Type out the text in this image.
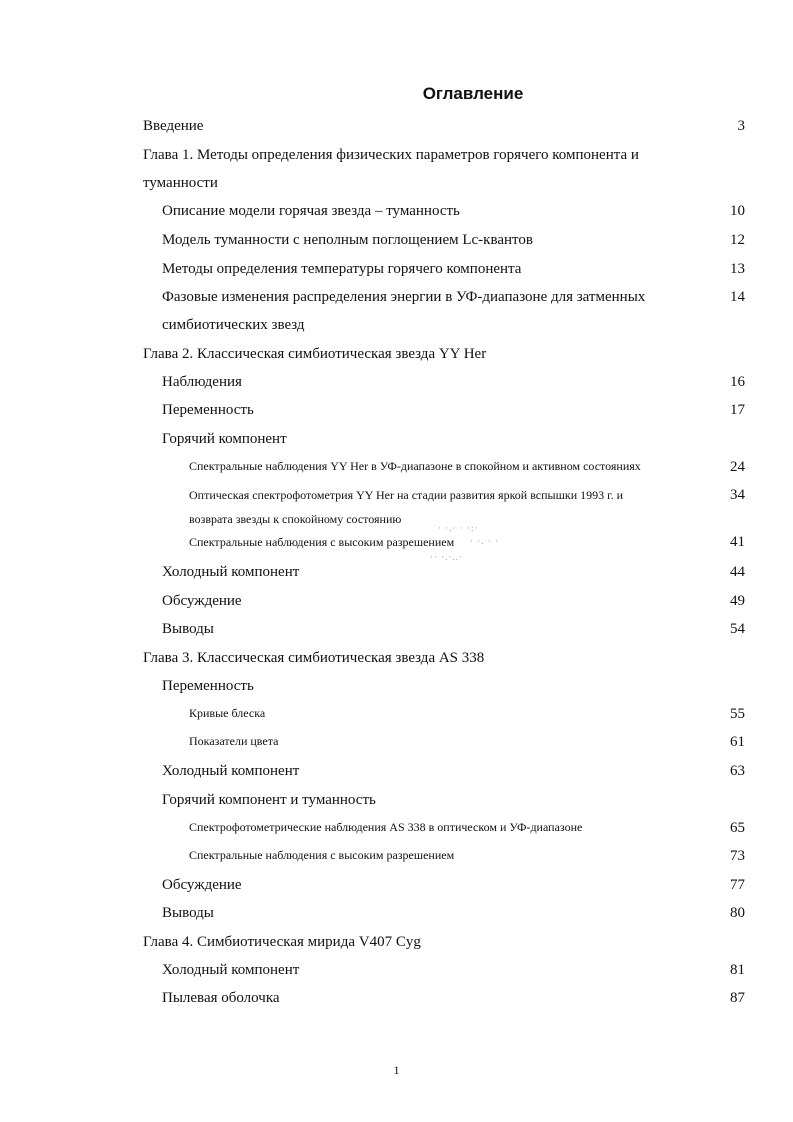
Оглавление
Введение	3
Глава 1. Методы определения физических параметров горячего компонента и
туманности
Описание модели горячая звезда – туманность	10
Модель туманности с неполным поглощением Lc-квантов	12
Методы определения температуры горячего компонента	13
Фазовые изменения распределения энергии в УФ-диапазоне для затменных	14
симбиотических звезд
Глава 2. Классическая симбиотическая звезда YY Her
Наблюдения	16
Переменность	17
Горячий компонент
Спектральные наблюдения YY Her в УФ-диапазоне в спокойном и активном состояниях	24
Оптическая спектрофотометрия YY Her на стадии развития яркой вспышки 1993 г. и	34
возврата звезды к спокойному состоянию
Спектральные наблюдения с высоким разрешением	41
· ·.· · ·:·
· ·. · ·
·· ·.·..·
Холодный компонент	44
Обсуждение	49
Выводы	54
Глава 3. Классическая симбиотическая звезда AS 338
Переменность
Кривые блеска	55
Показатели цвета	61
Холодный компонент	63
Горячий компонент и туманность
Спектрофотометрические наблюдения AS 338 в оптическом и УФ-диапазоне	65
Спектральные наблюдения с высоким разрешением	73
Обсуждение	77
Выводы	80
Глава 4. Симбиотическая мирида V407 Cyg
Холодный компонент	81
Пылевая оболочка	87
1
